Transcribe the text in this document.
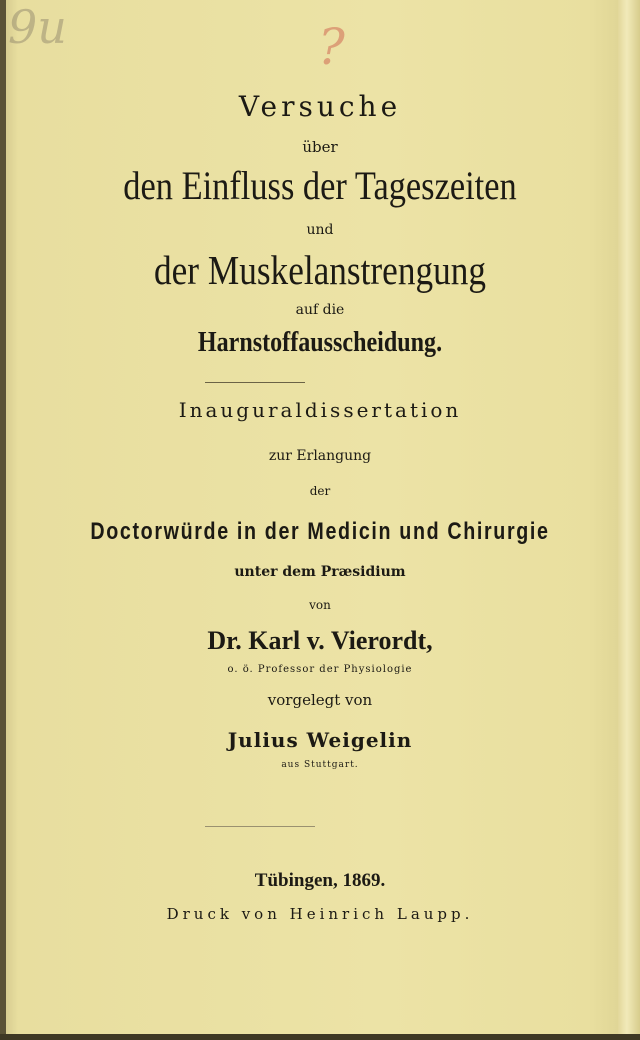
9u	?
Versuche
über
den Einfluss der Tageszeiten
und
der Muskelanstrengung
auf die
Harnstoffausscheidung.
Inauguraldissertation
zur Erlangung
der
Doctorwürde in der Medicin und Chirurgie
unter dem Præsidium
von
Dr. Karl v. Vierordt,
o. ö. Professor der Physiologie
vorgelegt von
Julius Weigelin
aus Stuttgart.
Tübingen, 1869.
Druck von Heinrich Laupp.
